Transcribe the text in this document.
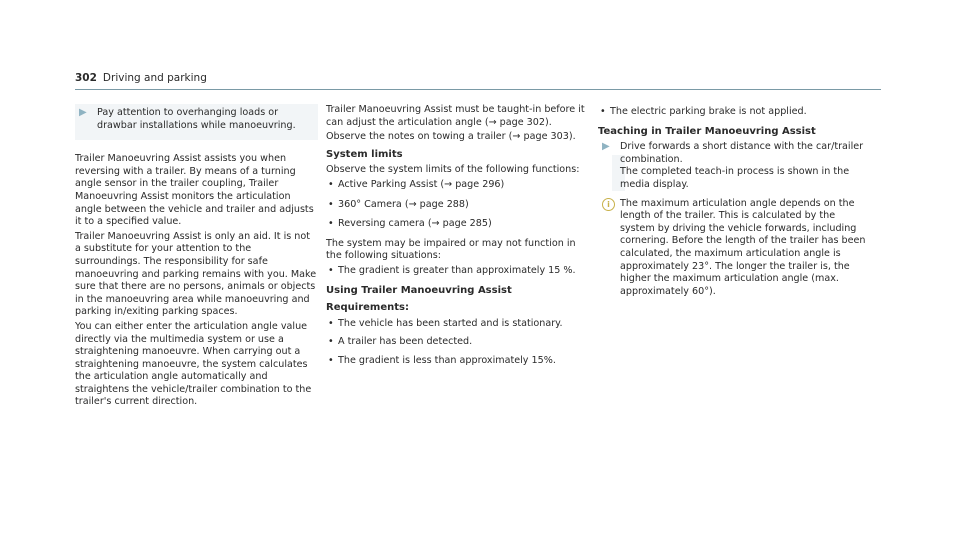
302 Driving and parking
▶ Pay attention to overhanging loads or drawbar installations while manoeuvring.

Trailer Manoeuvring Assist assists you when reversing with a trailer. By means of a turning angle sensor in the trailer coupling, Trailer Manoeuvring Assist monitors the articulation angle between the vehicle and trailer and adjusts it to a specified value.

Trailer Manoeuvring Assist is only an aid. It is not a substitute for your attention to the surroundings. The responsibility for safe manoeuvring and parking remains with you. Make sure that there are no persons, animals or objects in the manoeuvring area while manoeuvring and parking in/exiting parking spaces.

You can either enter the articulation angle value directly via the multimedia system or use a straightening manoeuvre. When carrying out a straightening manoeuvre, the system calculates the articulation angle automatically and straightens the vehicle/trailer combination to the trailer's current direction.

Trailer Manoeuvring Assist must be taught-in before it can adjust the articulation angle (→ page 302).

Observe the notes on towing a trailer (→ page 303).

System limits

Observe the system limits of the following functions:

• Active Parking Assist (→ page 296)
• 360° Camera (→ page 288)
• Reversing camera (→ page 285)

The system may be impaired or may not function in the following situations:

• The gradient is greater than approximately 15 %.
Using Trailer Manoeuvring Assist
Requirements:
• The vehicle has been started and is stationary.
• A trailer has been detected.
• The gradient is less than approximately 15%.
• The electric parking brake is not applied.
Teaching in Trailer Manoeuvring Assist
▶ Drive forwards a short distance with the car/trailer combination.
The completed teach-in process is shown in the media display.
i	The maximum articulation angle depends on the length of the trailer. This is calculated by the system by driving the vehicle forwards, including cornering. Before the length of the trailer has been calculated, the maximum articulation angle is approximately 23°. The longer the trailer is, the higher the maximum articulation angle (max. approximately 60°).
